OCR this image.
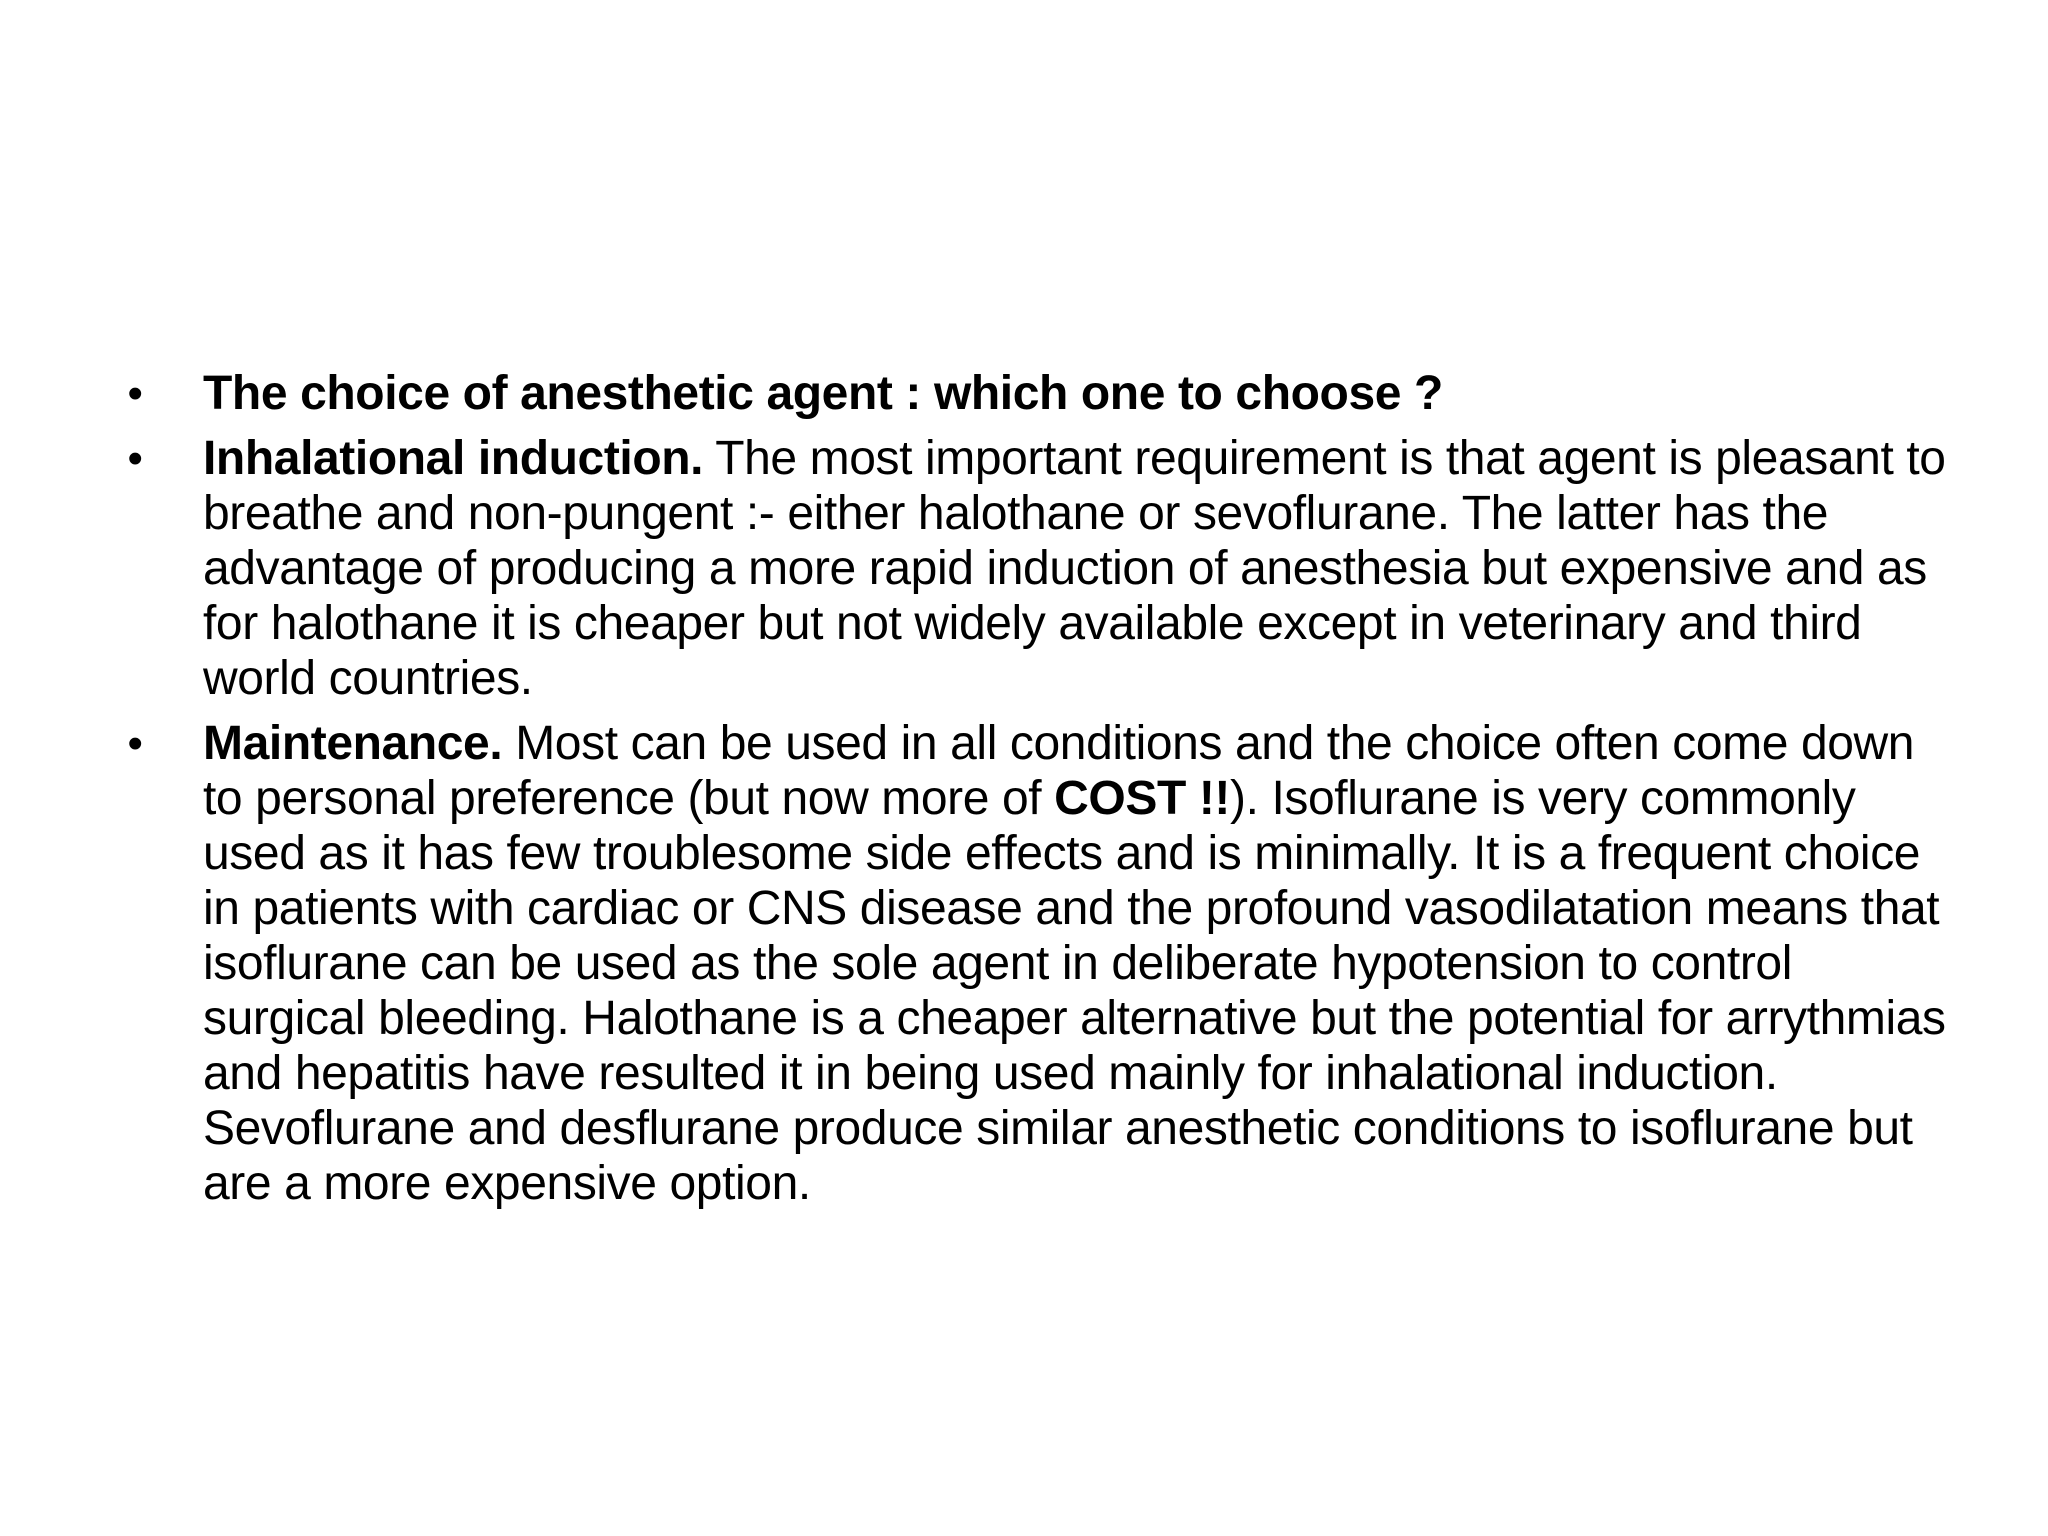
• The choice of anesthetic agent : which one to choose ?
• Inhalational induction. The most important requirement is that agent is pleasant to breathe and non-pungent :- either halothane or sevoflurane. The latter has the advantage of producing a more rapid induction of anesthesia but expensive and as for halothane it is cheaper but not widely available except in veterinary and third world countries.
• Maintenance. Most can be used in all conditions and the choice often come down to personal preference (but now more of COST !!). Isoflurane is very commonly used as it has few troublesome side effects and is minimally. It is a frequent choice in patients with cardiac or CNS disease and the profound vasodilatation means that isoflurane can be used as the sole agent in deliberate hypotension to control surgical bleeding. Halothane is a cheaper alternative but the potential for arrythmias and hepatitis have resulted it in being used mainly for inhalational induction. Sevoflurane and desflurane produce similar anesthetic conditions to isoflurane but are a more expensive option.
